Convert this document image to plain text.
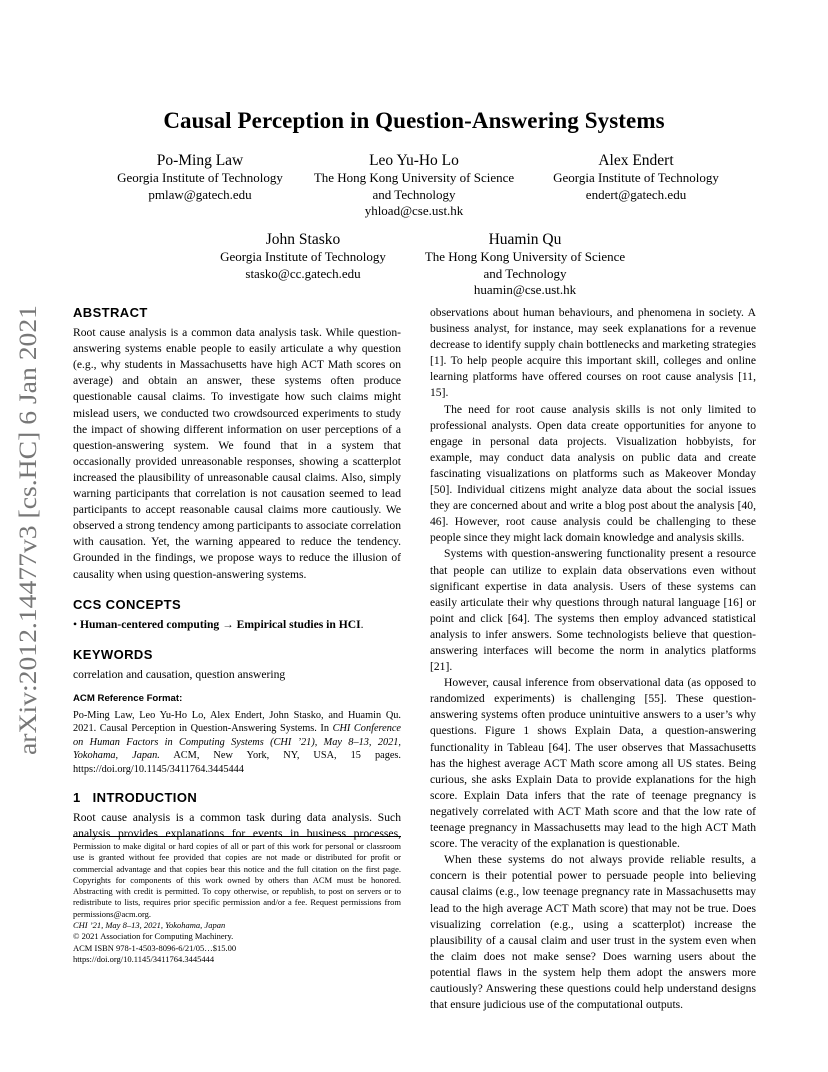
Causal Perception in Question-Answering Systems
Po-Ming Law
Georgia Institute of Technology
pmlaw@gatech.edu
Leo Yu-Ho Lo
The Hong Kong University of Science
and Technology
yhload@cse.ust.hk
Alex Endert
Georgia Institute of Technology
endert@gatech.edu
John Stasko
Georgia Institute of Technology
stasko@cc.gatech.edu
Huamin Qu
The Hong Kong University of Science
and Technology
huamin@cse.ust.hk
arXiv:2012.14477v3 [cs.HC] 6 Jan 2021
ABSTRACT

Root cause analysis is a common data analysis task. While question-answering systems enable people to easily articulate a why question (e.g., why students in Massachusetts have high ACT Math scores on average) and obtain an answer, these systems often produce questionable causal claims. To investigate how such claims might mislead users, we conducted two crowdsourced experiments to study the impact of showing different information on user perceptions of a question-answering system. We found that in a system that occasionally provided unreasonable responses, showing a scatterplot increased the plausibility of unreasonable causal claims. Also, simply warning participants that correlation is not causation seemed to lead participants to accept reasonable causal claims more cautiously. We observed a strong tendency among participants to associate correlation with causation. Yet, the warning appeared to reduce the tendency. Grounded in the findings, we propose ways to reduce the illusion of causality when using question-answering systems.

CCS CONCEPTS

• Human-centered computing → Empirical studies in HCI.

KEYWORDS

correlation and causation, question answering

ACM Reference Format:

Po-Ming Law, Leo Yu-Ho Lo, Alex Endert, John Stasko, and Huamin Qu. 2021. Causal Perception in Question-Answering Systems. In CHI Conference on Human Factors in Computing Systems (CHI ’21), May 8–13, 2021, Yokohama, Japan. ACM, New York, NY, USA, 15 pages. https://doi.org/10.1145/3411764.3445444

1   INTRODUCTION

Root cause analysis is a common task during data analysis. Such analysis provides explanations for events in business processes,

Permission to make digital or hard copies of all or part of this work for personal or classroom use is granted without fee provided that copies are not made or distributed for profit or commercial advantage and that copies bear this notice and the full citation on the first page. Copyrights for components of this work owned by others than ACM must be honored. Abstracting with credit is permitted. To copy otherwise, or republish, to post on servers or to redistribute to lists, requires prior specific permission and/or a fee. Request permissions from permissions@acm.org.
CHI ’21, May 8–13, 2021, Yokohama, Japan
© 2021 Association for Computing Machinery.
ACM ISBN 978-1-4503-8096-6/21/05…$15.00
https://doi.org/10.1145/3411764.3445444

observations about human behaviours, and phenomena in society. A business analyst, for instance, may seek explanations for a revenue decrease to identify supply chain bottlenecks and marketing strategies [1]. To help people acquire this important skill, colleges and online learning platforms have offered courses on root cause analysis [11, 15].

The need for root cause analysis skills is not only limited to professional analysts. Open data create opportunities for anyone to engage in personal data projects. Visualization hobbyists, for example, may conduct data analysis on public data and create fascinating visualizations on platforms such as Makeover Monday [50]. Individual citizens might analyze data about the social issues they are concerned about and write a blog post about the analysis [40, 46]. However, root cause analysis could be challenging to these people since they might lack domain knowledge and analysis skills.

Systems with question-answering functionality present a resource that people can utilize to explain data observations even without significant expertise in data analysis. Users of these systems can easily articulate their why questions through natural language [16] or point and click [64]. The systems then employ advanced statistical analysis to infer answers. Some technologists believe that question-answering interfaces will become the norm in analytics platforms [21].

However, causal inference from observational data (as opposed to randomized experiments) is challenging [55]. These question-answering systems often produce unintuitive answers to a user’s why questions. Figure 1 shows Explain Data, a question-answering functionality in Tableau [64]. The user observes that Massachusetts has the highest average ACT Math score among all US states. Being curious, she asks Explain Data to provide explanations for the high score. Explain Data infers that the rate of teenage pregnancy is negatively correlated with ACT Math score and that the low rate of teenage pregnancy in Massachusetts may lead to the high ACT Math score. The veracity of the explanation is questionable.

When these systems do not always provide reliable results, a concern is their potential power to persuade people into believing causal claims (e.g., low teenage pregnancy rate in Massachusetts may lead to the high average ACT Math score) that may not be true. Does visualizing correlation (e.g., using a scatterplot) increase the plausibility of a causal claim and user trust in the system even when the claim does not make sense? Does warning users about the potential flaws in the system help them adopt the answers more cautiously? Answering these questions could help understand designs that ensure judicious use of the computational outputs.
